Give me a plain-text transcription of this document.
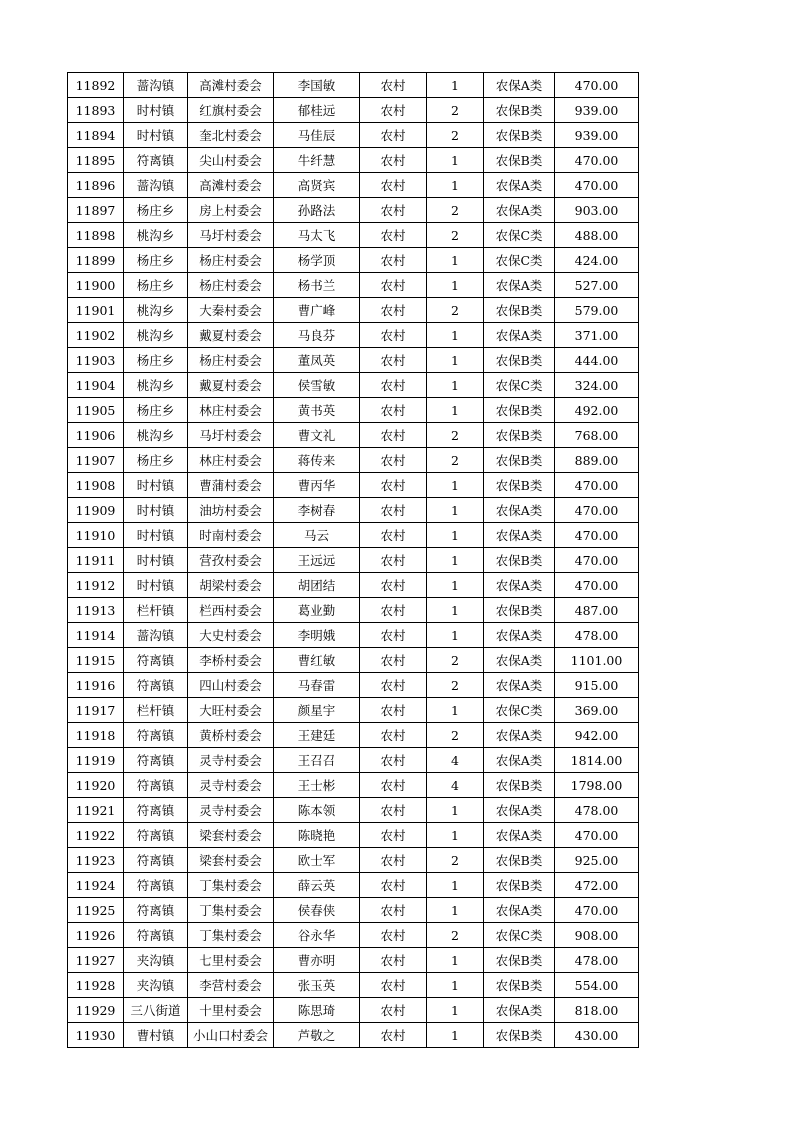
11892	蔷沟镇	高滩村委会	李国敏	农村	1	农保A类	470.00
11893	时村镇	红旗村委会	郁桂远	农村	2	农保B类	939.00
11894	时村镇	奎北村委会	马佳辰	农村	2	农保B类	939.00
11895	符离镇	尖山村委会	牛纤慧	农村	1	农保B类	470.00
11896	蔷沟镇	高滩村委会	高贤宾	农村	1	农保A类	470.00
11897	杨庄乡	房上村委会	孙路法	农村	2	农保A类	903.00
11898	桃沟乡	马圩村委会	马太飞	农村	2	农保C类	488.00
11899	杨庄乡	杨庄村委会	杨学顶	农村	1	农保C类	424.00
11900	杨庄乡	杨庄村委会	杨书兰	农村	1	农保A类	527.00
11901	桃沟乡	大秦村委会	曹广峰	农村	2	农保B类	579.00
11902	桃沟乡	戴夏村委会	马良芬	农村	1	农保A类	371.00
11903	杨庄乡	杨庄村委会	董凤英	农村	1	农保B类	444.00
11904	桃沟乡	戴夏村委会	侯雪敏	农村	1	农保C类	324.00
11905	杨庄乡	林庄村委会	黄书英	农村	1	农保B类	492.00
11906	桃沟乡	马圩村委会	曹文礼	农村	2	农保B类	768.00
11907	杨庄乡	林庄村委会	蒋传来	农村	2	农保B类	889.00
11908	时村镇	曹蒲村委会	曹丙华	农村	1	农保B类	470.00
11909	时村镇	油坊村委会	李树春	农村	1	农保A类	470.00
11910	时村镇	时南村委会	马云	农村	1	农保A类	470.00
11911	时村镇	营孜村委会	王远远	农村	1	农保B类	470.00
11912	时村镇	胡梁村委会	胡团结	农村	1	农保A类	470.00
11913	栏杆镇	栏西村委会	葛业勤	农村	1	农保B类	487.00
11914	蔷沟镇	大史村委会	李明娥	农村	1	农保A类	478.00
11915	符离镇	李桥村委会	曹红敏	农村	2	农保A类	1101.00
11916	符离镇	四山村委会	马春雷	农村	2	农保A类	915.00
11917	栏杆镇	大旺村委会	颜星宇	农村	1	农保C类	369.00
11918	符离镇	黄桥村委会	王建廷	农村	2	农保A类	942.00
11919	符离镇	灵寺村委会	王召召	农村	4	农保A类	1814.00
11920	符离镇	灵寺村委会	王士彬	农村	4	农保B类	1798.00
11921	符离镇	灵寺村委会	陈本领	农村	1	农保A类	478.00
11922	符离镇	梁套村委会	陈晓艳	农村	1	农保A类	470.00
11923	符离镇	梁套村委会	欧士军	农村	2	农保B类	925.00
11924	符离镇	丁集村委会	薛云英	农村	1	农保B类	472.00
11925	符离镇	丁集村委会	侯春侠	农村	1	农保A类	470.00
11926	符离镇	丁集村委会	谷永华	农村	2	农保C类	908.00
11927	夹沟镇	七里村委会	曹亦明	农村	1	农保B类	478.00
11928	夹沟镇	李营村委会	张玉英	农村	1	农保B类	554.00
11929	三八街道	十里村委会	陈思琦	农村	1	农保A类	818.00
11930	曹村镇	小山口村委会	芦敬之	农村	1	农保B类	430.00
